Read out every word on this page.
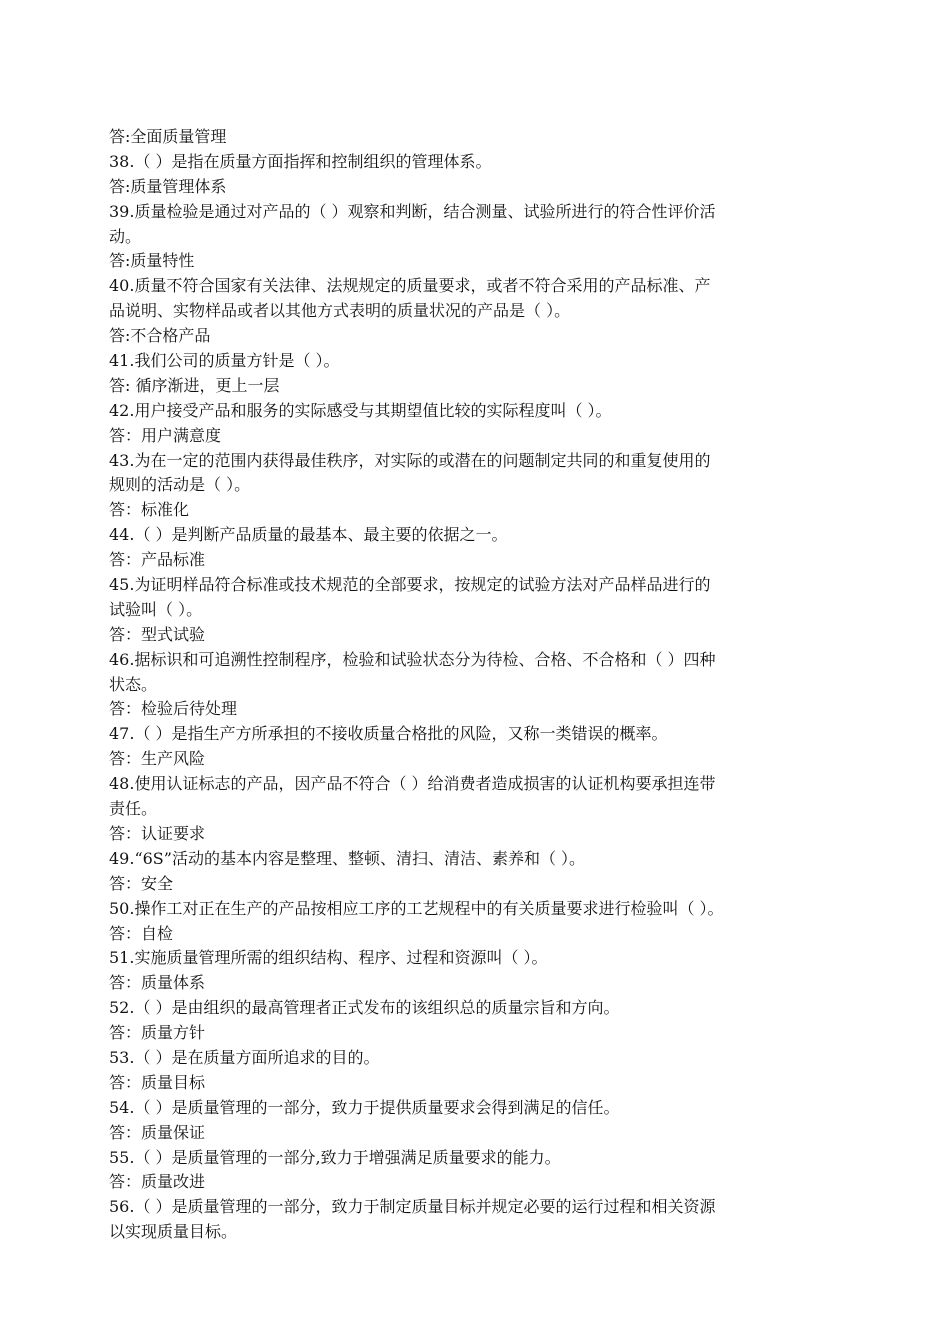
答:全面质量管理
38.（ ）是指在质量方面指挥和控制组织的管理体系。
答:质量管理体系
39.质量检验是通过对产品的（ ）观察和判断，结合测量、试验所进行的符合性评价活
动。
答:质量特性
40.质量不符合国家有关法律、法规规定的质量要求，或者不符合采用的产品标准、产
品说明、实物样品或者以其他方式表明的质量状况的产品是（ ）。
答:不合格产品
41.我们公司的质量方针是（ ）。
答: 循序渐进，更上一层
42.用户接受产品和服务的实际感受与其期望值比较的实际程度叫（ ）。
答：用户满意度
43.为在一定的范围内获得最佳秩序，对实际的或潜在的问题制定共同的和重复使用的
规则的活动是（ ）。
答：标准化
44.（ ）是判断产品质量的最基本、最主要的依据之一。
答：产品标准
45.为证明样品符合标准或技术规范的全部要求，按规定的试验方法对产品样品进行的
试验叫（ ）。
答：型式试验
46.据标识和可追溯性控制程序，检验和试验状态分为待检、合格、不合格和（ ）四种
状态。
答：检验后待处理
47.（ ）是指生产方所承担的不接收质量合格批的风险，又称一类错误的概率。
答：生产风险
48.使用认证标志的产品，因产品不符合（ ）给消费者造成损害的认证机构要承担连带
责任。
答：认证要求
49.“6S”活动的基本内容是整理、整顿、清扫、清洁、素养和（ ）。
答：安全
50.操作工对正在生产的产品按相应工序的工艺规程中的有关质量要求进行检验叫（ ）。
答：自检
51.实施质量管理所需的组织结构、程序、过程和资源叫（ ）。
答：质量体系
52.（ ）是由组织的最高管理者正式发布的该组织总的质量宗旨和方向。
答：质量方针
53.（ ）是在质量方面所追求的目的。
答：质量目标
54.（ ）是质量管理的一部分，致力于提供质量要求会得到满足的信任。
答：质量保证
55.（ ）是质量管理的一部分,致力于增强满足质量要求的能力。
答：质量改进
56.（ ）是质量管理的一部分，致力于制定质量目标并规定必要的运行过程和相关资源
以实现质量目标。
